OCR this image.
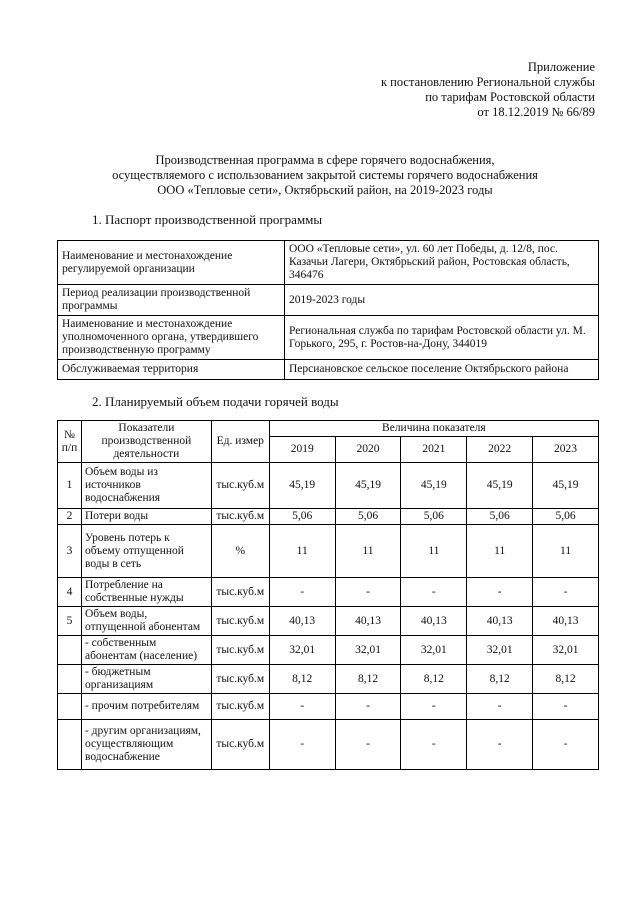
Приложение
к постановлению Региональной службы
по тарифам Ростовской области
от 18.12.2019 № 66/89
Производственная программа в сфере горячего водоснабжения,
осуществляемого с использованием закрытой системы горячего водоснабжения
ООО «Тепловые сети», Октябрьский район, на 2019-2023 годы
1. Паспорт производственной программы
Наименование и местонахождение регулируемой организации	ООО «Тепловые сети», ул. 60 лет Победы, д. 12/8, пос. Казачьи Лагери, Октябрьский район, Ростовская область, 346476
Период реализации производственной программы	2019-2023 годы
Наименование и местонахождение уполномоченного органа, утвердившего производственную программу	Региональная служба по тарифам Ростовской области ул. М. Горького, 295, г. Ростов-на-Дону, 344019
Обслуживаемая территория	Персиановское сельское поселение Октябрьского района
2. Планируемый объем подачи горячей воды
№ п/п	Показатели производственной деятельности	Ед. измер	Величина показателя				
			2019	2020	2021	2022	2023
1	Объем воды из источников водоснабжения	тыс.куб.м	45,19	45,19	45,19	45,19	45,19
2	Потери воды	тыс.куб.м	5,06	5,06	5,06	5,06	5,06
3	Уровень потерь к объему отпущенной воды в сеть	%	11	11	11	11	11
4	Потребление на собственные нужды	тыс.куб.м	-	-	-	-	-
5	Объем воды, отпущенной абонентам	тыс.куб.м	40,13	40,13	40,13	40,13	40,13
	- собственным абонентам (население)	тыс.куб.м	32,01	32,01	32,01	32,01	32,01
	- бюджетным организациям	тыс.куб.м	8,12	8,12	8,12	8,12	8,12
	- прочим потребителям	тыс.куб.м	-	-	-	-	-
	- другим организациям, осуществляющим водоснабжение	тыс.куб.м	-	-	-	-	-
